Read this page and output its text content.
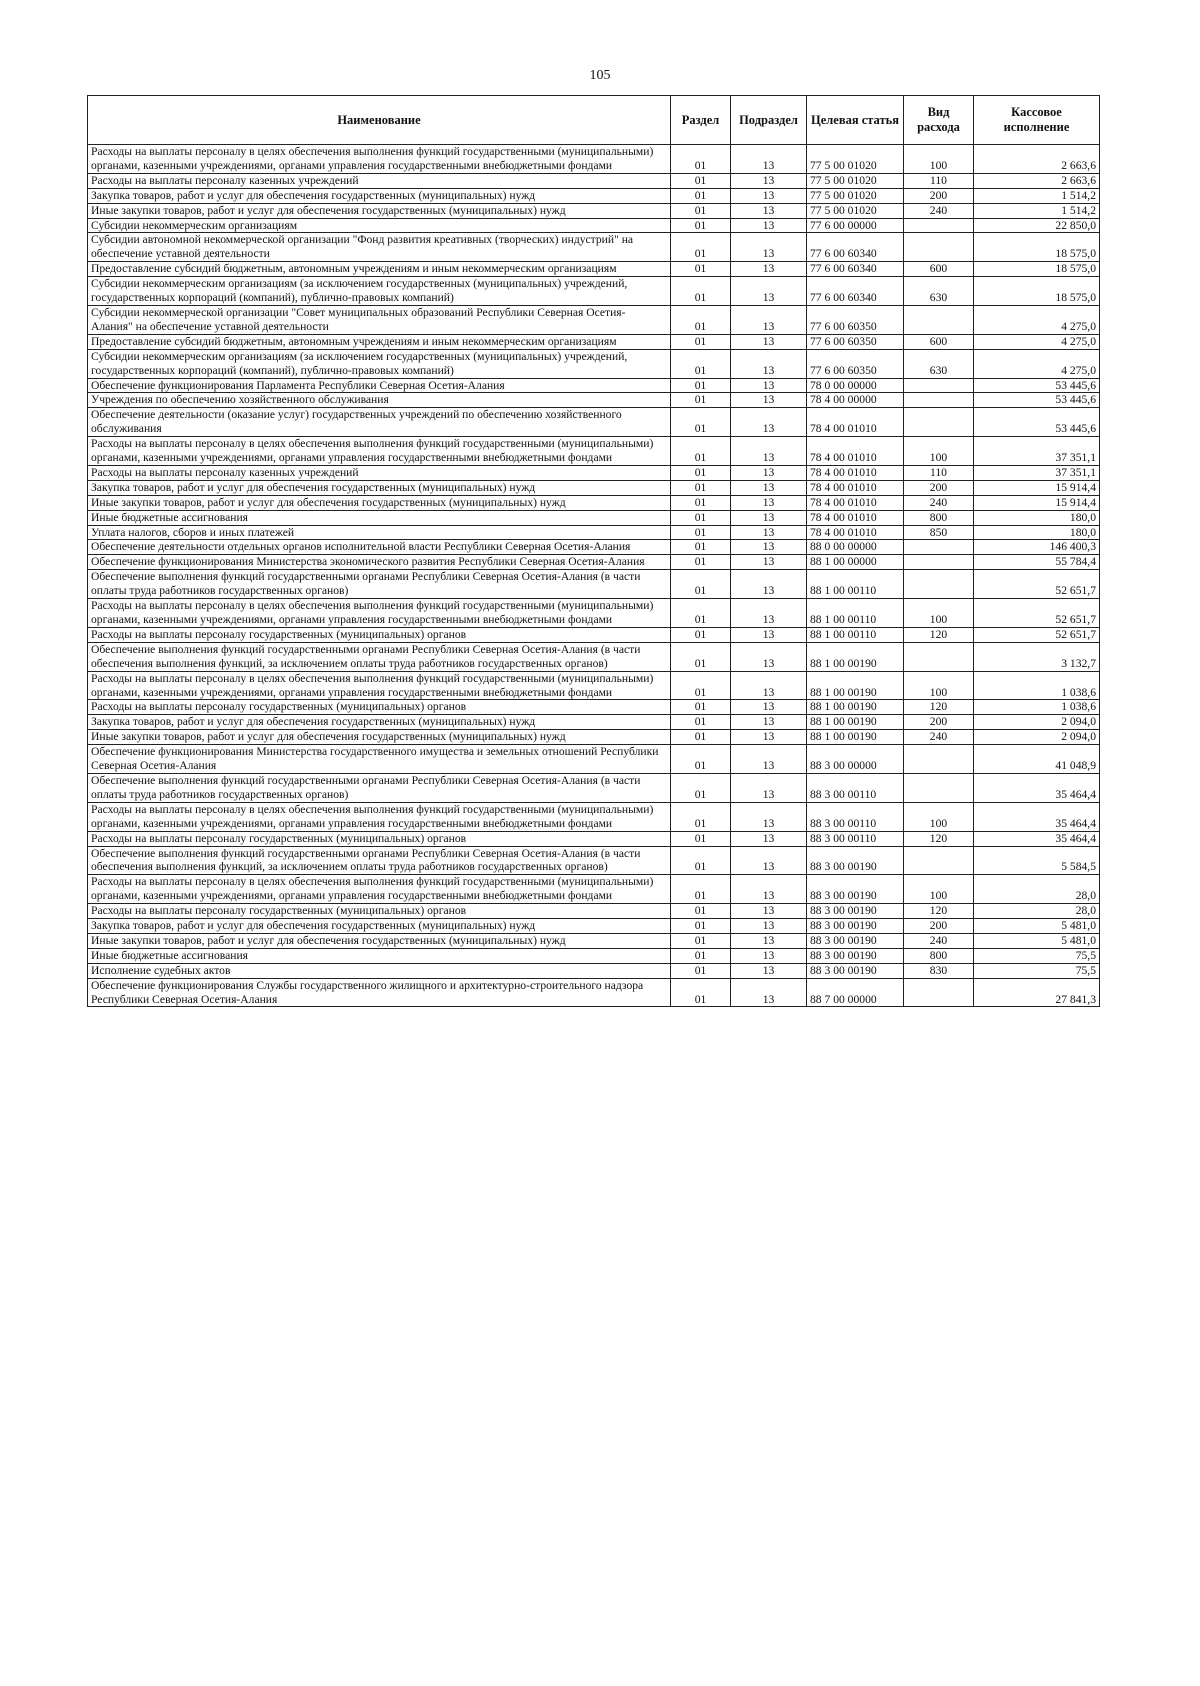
105
Наименование	Раздел	Подраздел	Целевая статья	Вид расхода	Кассовое исполнение
Расходы на выплаты персоналу в целях обеспечения выполнения функций государственными (муниципальными) органами, казенными учреждениями, органами управления государственными внебюджетными фондами	01	13	77 5 00 01020	100	2 663,6
Расходы на выплаты персоналу казенных учреждений	01	13	77 5 00 01020	110	2 663,6
Закупка товаров, работ и услуг для обеспечения государственных (муниципальных) нужд	01	13	77 5 00 01020	200	1 514,2
Иные закупки товаров, работ и услуг для обеспечения государственных (муниципальных) нужд	01	13	77 5 00 01020	240	1 514,2
Субсидии некоммерческим организациям	01	13	77 6 00 00000		22 850,0
Субсидии автономной некоммерческой организации "Фонд развития креативных (творческих) индустрий" на обеспечение уставной деятельности	01	13	77 6 00 60340		18 575,0
Предоставление субсидий бюджетным, автономным учреждениям и иным некоммерческим организациям	01	13	77 6 00 60340	600	18 575,0
Субсидии некоммерческим организациям (за исключением государственных (муниципальных) учреждений, государственных корпораций (компаний), публично-правовых компаний)	01	13	77 6 00 60340	630	18 575,0
Субсидии некоммерческой организации "Совет муниципальных образований Республики Северная Осетия-Алания" на обеспечение уставной деятельности	01	13	77 6 00 60350		4 275,0
Предоставление субсидий бюджетным, автономным учреждениям и иным некоммерческим организациям	01	13	77 6 00 60350	600	4 275,0
Субсидии некоммерческим организациям (за исключением государственных (муниципальных) учреждений, государственных корпораций (компаний), публично-правовых компаний)	01	13	77 6 00 60350	630	4 275,0
Обеспечение функционирования Парламента Республики Северная Осетия-Алания	01	13	78 0 00 00000		53 445,6
Учреждения по обеспечению хозяйственного обслуживания	01	13	78 4 00 00000		53 445,6
Обеспечение деятельности (оказание услуг) государственных учреждений по обеспечению хозяйственного обслуживания	01	13	78 4 00 01010		53 445,6
Расходы на выплаты персоналу в целях обеспечения выполнения функций государственными (муниципальными) органами, казенными учреждениями, органами управления государственными внебюджетными фондами	01	13	78 4 00 01010	100	37 351,1
Расходы на выплаты персоналу казенных учреждений	01	13	78 4 00 01010	110	37 351,1
Закупка товаров, работ и услуг для обеспечения государственных (муниципальных) нужд	01	13	78 4 00 01010	200	15 914,4
Иные закупки товаров, работ и услуг для обеспечения государственных (муниципальных) нужд	01	13	78 4 00 01010	240	15 914,4
Иные бюджетные ассигнования	01	13	78 4 00 01010	800	180,0
Уплата налогов, сборов и иных платежей	01	13	78 4 00 01010	850	180,0
Обеспечение деятельности отдельных органов исполнительной власти Республики Северная Осетия-Алания	01	13	88 0 00 00000		146 400,3
Обеспечение функционирования Министерства экономического развития Республики Северная Осетия-Алания	01	13	88 1 00 00000		55 784,4
Обеспечение выполнения функций государственными органами Республики Северная Осетия-Алания (в части оплаты труда работников государственных органов)	01	13	88 1 00 00110		52 651,7
Расходы на выплаты персоналу в целях обеспечения выполнения функций государственными (муниципальными) органами, казенными учреждениями, органами управления государственными внебюджетными фондами	01	13	88 1 00 00110	100	52 651,7
Расходы на выплаты персоналу государственных (муниципальных) органов	01	13	88 1 00 00110	120	52 651,7
Обеспечение выполнения функций государственными органами Республики Северная Осетия-Алания (в части обеспечения выполнения функций, за исключением оплаты труда работников государственных органов)	01	13	88 1 00 00190		3 132,7
Расходы на выплаты персоналу в целях обеспечения выполнения функций государственными (муниципальными) органами, казенными учреждениями, органами управления государственными внебюджетными фондами	01	13	88 1 00 00190	100	1 038,6
Расходы на выплаты персоналу государственных (муниципальных) органов	01	13	88 1 00 00190	120	1 038,6
Закупка товаров, работ и услуг для обеспечения государственных (муниципальных) нужд	01	13	88 1 00 00190	200	2 094,0
Иные закупки товаров, работ и услуг для обеспечения государственных (муниципальных) нужд	01	13	88 1 00 00190	240	2 094,0
Обеспечение функционирования Министерства государственного имущества и земельных отношений Республики Северная Осетия-Алания	01	13	88 3 00 00000		41 048,9
Обеспечение выполнения функций государственными органами Республики Северная Осетия-Алания (в части оплаты труда работников государственных органов)	01	13	88 3 00 00110		35 464,4
Расходы на выплаты персоналу в целях обеспечения выполнения функций государственными (муниципальными) органами, казенными учреждениями, органами управления государственными внебюджетными фондами	01	13	88 3 00 00110	100	35 464,4
Расходы на выплаты персоналу государственных (муниципальных) органов	01	13	88 3 00 00110	120	35 464,4
Обеспечение выполнения функций государственными органами Республики Северная Осетия-Алания (в части обеспечения выполнения функций, за исключением оплаты труда работников государственных органов)	01	13	88 3 00 00190		5 584,5
Расходы на выплаты персоналу в целях обеспечения выполнения функций государственными (муниципальными) органами, казенными учреждениями, органами управления государственными внебюджетными фондами	01	13	88 3 00 00190	100	28,0
Расходы на выплаты персоналу государственных (муниципальных) органов	01	13	88 3 00 00190	120	28,0
Закупка товаров, работ и услуг для обеспечения государственных (муниципальных) нужд	01	13	88 3 00 00190	200	5 481,0
Иные закупки товаров, работ и услуг для обеспечения государственных (муниципальных) нужд	01	13	88 3 00 00190	240	5 481,0
Иные бюджетные ассигнования	01	13	88 3 00 00190	800	75,5
Исполнение судебных актов	01	13	88 3 00 00190	830	75,5
Обеспечение функционирования Службы государственного жилищного и архитектурно-строительного надзора Республики Северная Осетия-Алания	01	13	88 7 00 00000		27 841,3
